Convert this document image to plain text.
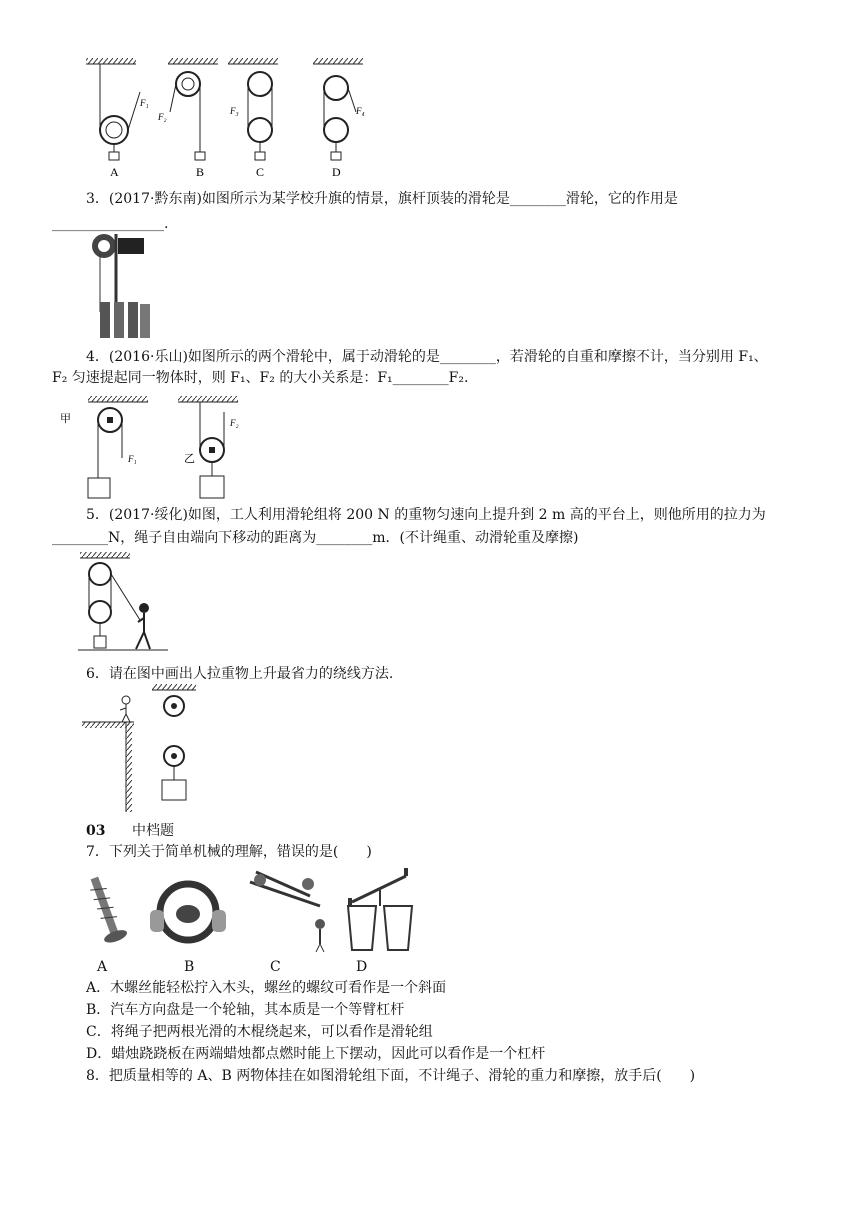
F₁
F₂
F₃	F₄
A	B	C	D
3．(2017·黔东南)如图所示为某学校升旗的情景，旗杆顶装的滑轮是________滑轮，它的作用是
________________.
4．(2016·乐山)如图所示的两个滑轮中，属于动滑轮的是________，若滑轮的自重和摩擦不计，当分别用 F₁、
F₂ 匀速提起同一物体时，则 F₁、F₂ 的大小关系是：F₁________F₂.
甲
F₁	乙
F₂
5．(2017·绥化)如图，工人利用滑轮组将 200 N 的重物匀速向上提升到 2 m 高的平台上，则他所用的拉力为
________N，绳子自由端向下移动的距离为________m．(不计绳重、动滑轮重及摩擦)
6．请在图中画出人拉重物上升最省力的绕线方法.
03 中档题
7．下列关于简单机械的理解，错误的是(　　)
A	B	C	D
A．木螺丝能轻松拧入木头，螺丝的螺纹可看作是一个斜面
B．汽车方向盘是一个轮轴，其本质是一个等臂杠杆
C．将绳子把两根光滑的木棍绕起来，可以看作是滑轮组
D．蜡烛跷跷板在两端蜡烛都点燃时能上下摆动，因此可以看作是一个杠杆
8．把质量相等的 A、B 两物体挂在如图滑轮组下面，不计绳子、滑轮的重力和摩擦，放手后(　　)
